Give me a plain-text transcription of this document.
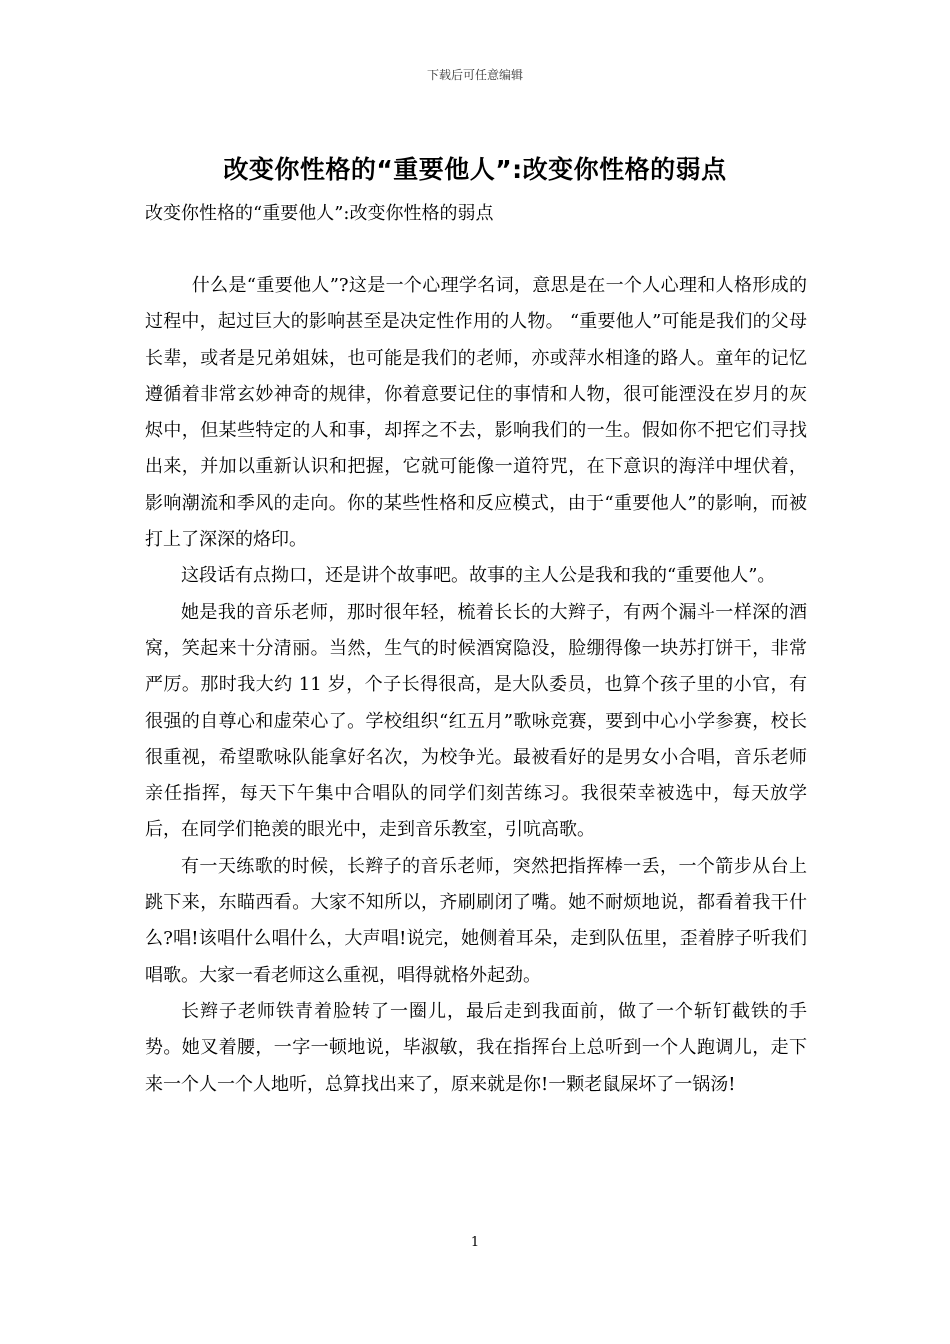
下载后可任意编辑
改变你性格的“重要他人”:改变你性格的弱点
改变你性格的“重要他人”:改变你性格的弱点

什么是“重要他人”?这是一个心理学名词，意思是在一个人心理和人格形成的过程中，起过巨大的影响甚至是决定性作用的人物。 “重要他人”可能是我们的父母长辈，或者是兄弟姐妹，也可能是我们的老师，亦或萍水相逢的路人。童年的记忆遵循着非常玄妙神奇的规律，你着意要记住的事情和人物，很可能湮没在岁月的灰烬中，但某些特定的人和事，却挥之不去，影响我们的一生。假如你不把它们寻找出来，并加以重新认识和把握，它就可能像一道符咒，在下意识的海洋中埋伏着，影响潮流和季风的走向。你的某些性格和反应模式，由于“重要他人”的影响，而被打上了深深的烙印。

这段话有点拗口，还是讲个故事吧。故事的主人公是我和我的“重要他人”。

她是我的音乐老师，那时很年轻，梳着长长的大辫子，有两个漏斗一样深的酒窝，笑起来十分清丽。当然，生气的时候酒窝隐没，脸绷得像一块苏打饼干，非常严厉。那时我大约 11 岁，个子长得很高，是大队委员，也算个孩子里的小官，有很强的自尊心和虚荣心了。学校组织“红五月”歌咏竞赛，要到中心小学参赛，校长很重视，希望歌咏队能拿好名次，为校争光。最被看好的是男女小合唱，音乐老师亲任指挥，每天下午集中合唱队的同学们刻苦练习。我很荣幸被选中，每天放学后，在同学们艳羡的眼光中，走到音乐教室，引吭高歌。

有一天练歌的时候，长辫子的音乐老师，突然把指挥棒一丢，一个箭步从台上跳下来，东瞄西看。大家不知所以，齐刷刷闭了嘴。她不耐烦地说，都看着我干什么?唱!该唱什么唱什么，大声唱!说完，她侧着耳朵，走到队伍里，歪着脖子听我们唱歌。大家一看老师这么重视，唱得就格外起劲。

长辫子老师铁青着脸转了一圈儿，最后走到我面前，做了一个斩钉截铁的手势。她叉着腰，一字一顿地说，毕淑敏，我在指挥台上总听到一个人跑调儿，走下来一个人一个人地听，总算找出来了，原来就是你!一颗老鼠屎坏了一锅汤!

1
